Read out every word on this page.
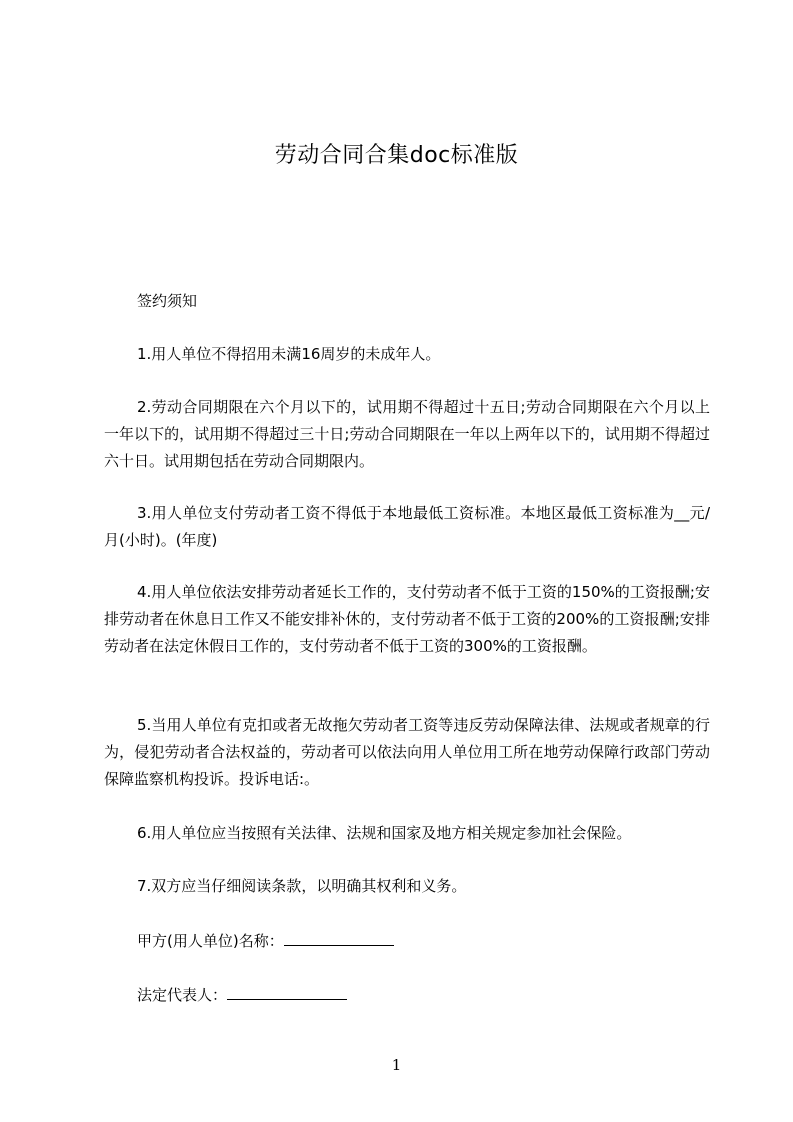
劳动合同合集doc标准版

签约须知

1.用人单位不得招用未满16周岁的未成年人。

2.劳动合同期限在六个月以下的，试用期不得超过十五日;劳动合同期限在六个月以上一年以下的，试用期不得超过三十日;劳动合同期限在一年以上两年以下的，试用期不得超过六十日。试用期包括在劳动合同期限内。

3.用人单位支付劳动者工资不得低于本地最低工资标准。本地区最低工资标准为__元/月(小时)。(年度)

4.用人单位依法安排劳动者延长工作的，支付劳动者不低于工资的150%的工资报酬;安排劳动者在休息日工作又不能安排补休的，支付劳动者不低于工资的200%的工资报酬;安排劳动者在法定休假日工作的，支付劳动者不低于工资的300%的工资报酬。

5.当用人单位有克扣或者无故拖欠劳动者工资等违反劳动保障法律、法规或者规章的行为，侵犯劳动者合法权益的，劳动者可以依法向用人单位用工所在地劳动保障行政部门劳动保障监察机构投诉。投诉电话:。

6.用人单位应当按照有关法律、法规和国家及地方相关规定参加社会保险。

7.双方应当仔细阅读条款，以明确其权利和义务。

甲方(用人单位)名称：

法定代表人：

1
